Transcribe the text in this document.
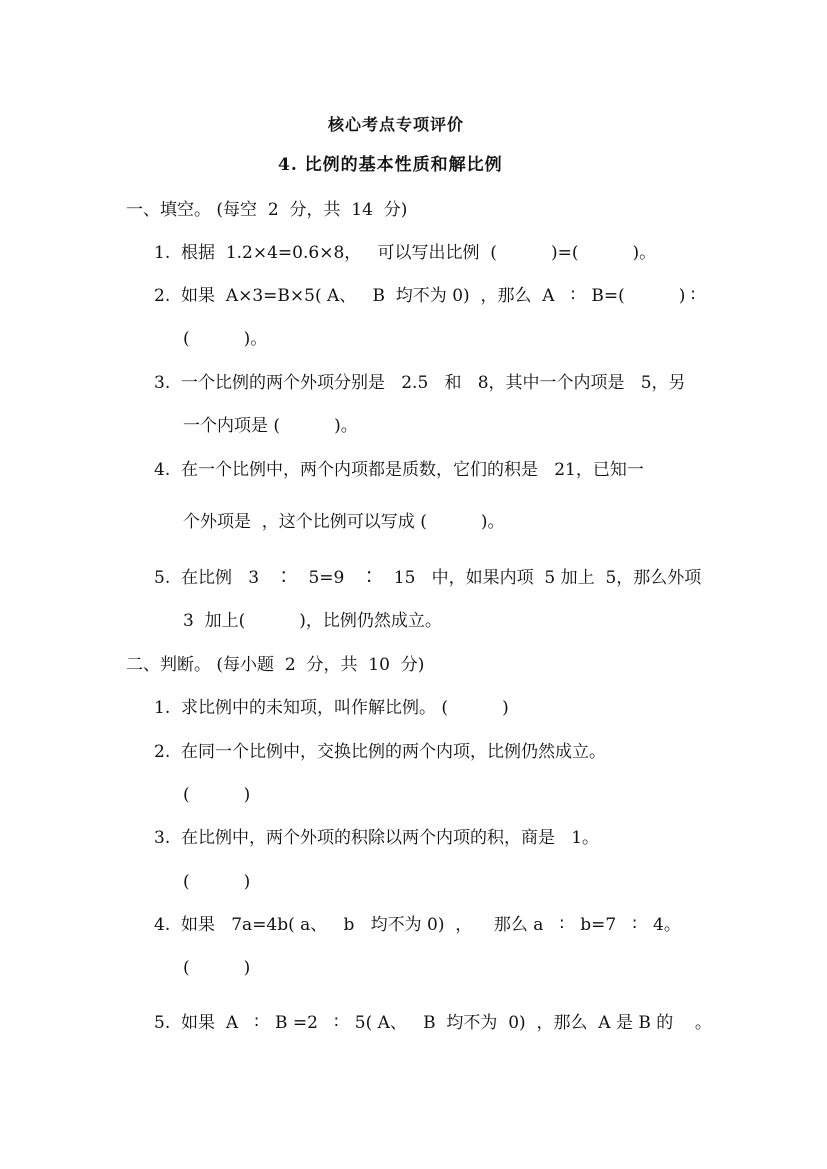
核心考点专项评价
4. 比例的基本性质和解比例
一、填空。 (每空  2  分，共  14  分)
1.  根据  1.2×4=0.6×8，   可以写出比例  (          )=(          )。
2.  如果  A×3=B×5( A、   B  均不为 0)  ，那么  A   ∶   B=(          ) ∶
(          )。
3.  一个比例的两个外项分别是   2.5   和   8，其中一个内项是   5，另
一个内项是 (          )。
4.  在一个比例中，两个内项都是质数，它们的积是   21，已知一
个外项是  ，这个比例可以写成 (          )。
5.  在比例   3   ∶   5=9   ∶   15   中，如果内项  5 加上  5，那么外项
3  加上(          )，比例仍然成立。
二、判断。 (每小题  2  分，共  10  分)
1.  求比例中的未知项，叫作解比例。 (          )
2.  在同一个比例中，交换比例的两个内项，比例仍然成立。
(          )
3.  在比例中，两个外项的积除以两个内项的积，商是   1。
(          )
4.  如果   7a=4b( a、   b   均不为 0)  ，    那么 a   ∶   b=7   ∶   4。
(          )
5.  如果  A   ∶   B =2   ∶   5( A、   B  均不为  0)  ，那么  A 是 B 的    。
